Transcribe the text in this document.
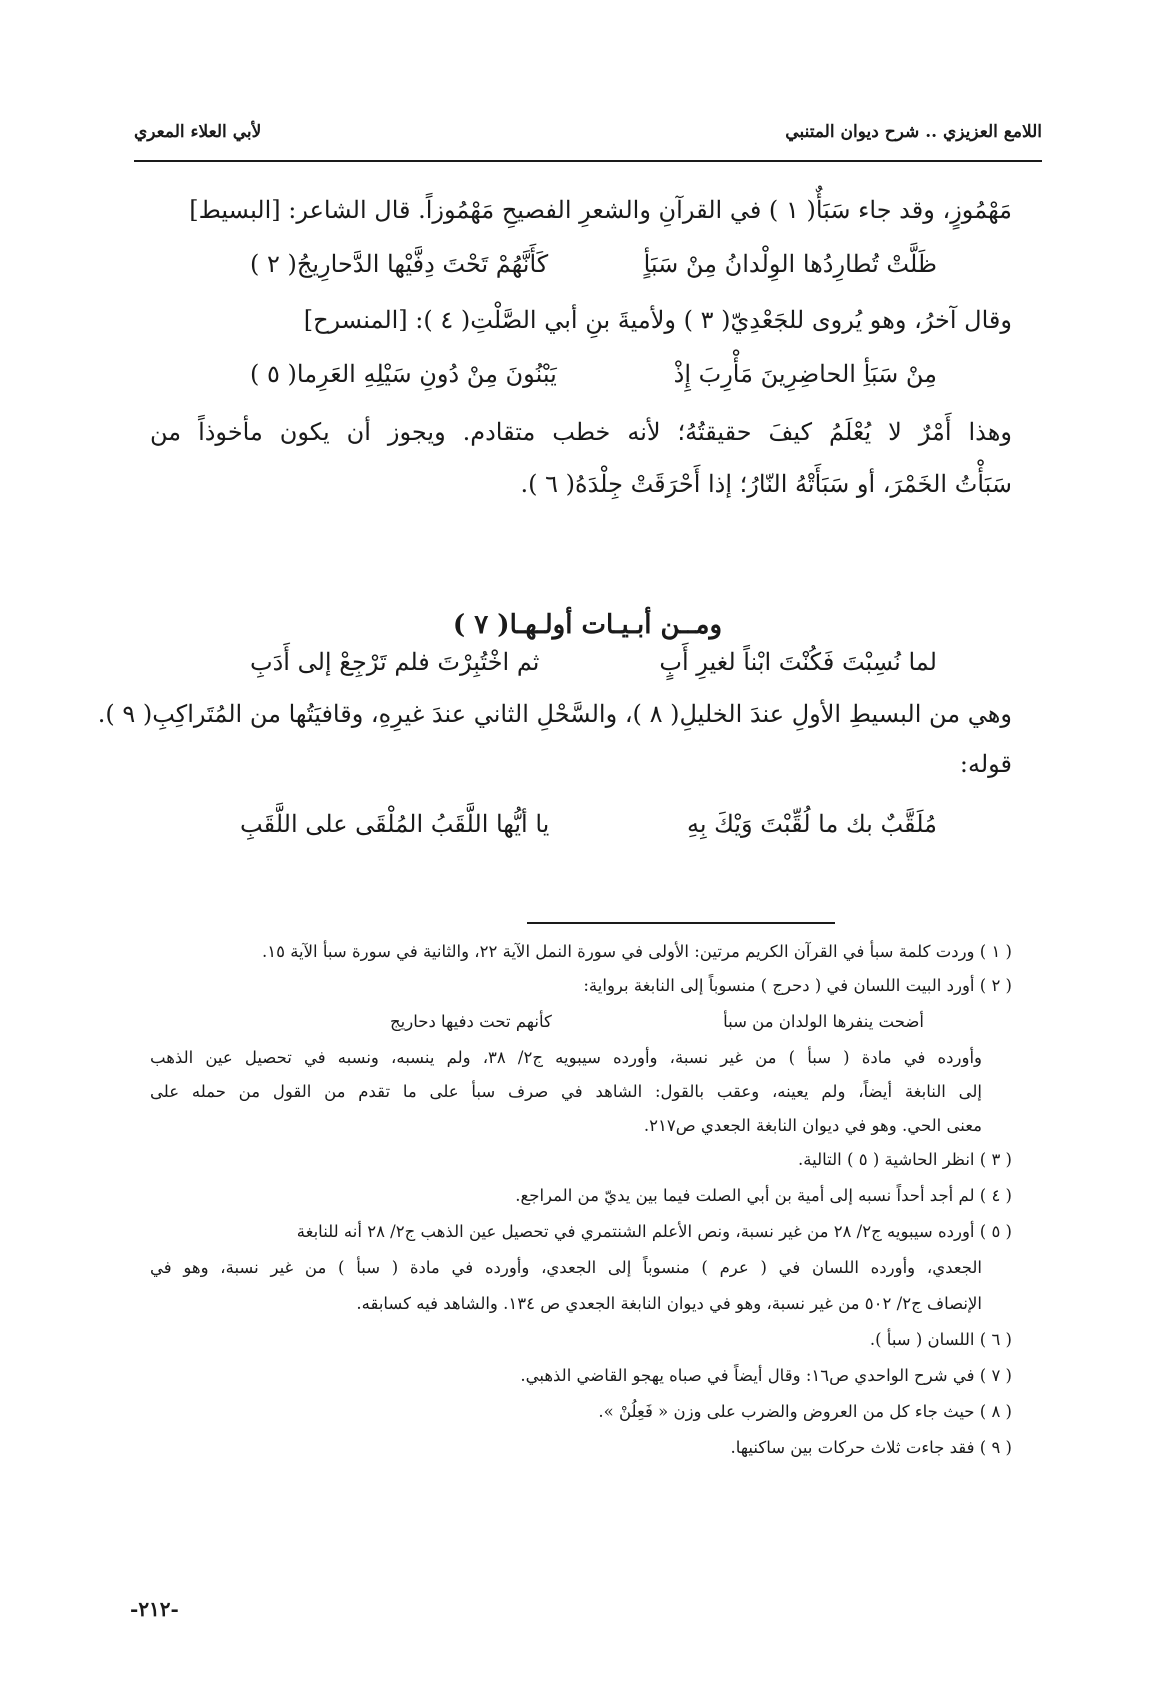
اللامع العزيزي .. شرح ديوان المتنبي
لأبي العلاء المعري
مَهْمُوزٍ، وقد جاء سَبَأٌ( ١ ) في القرآنِ والشعرِ الفصيحِ مَهْمُوزاً. قال الشاعر: [البسيط]
ظَلَّتْ تُطارِدُها الوِلْدانُ مِنْ سَبَأٍ
كَأَنَّهُمْ تَحْتَ دِفَّيْها الدَّحارِيجُ( ٢ )
وقال آخرُ، وهو يُروى للجَعْدِيّ( ٣ ) ولأميةَ بنِ أبي الصَّلْتِ( ٤ ): [المنسرح]
مِنْ سَبَأِ الحاضِرِينَ مَأْرِبَ إِذْ
يَبْنُونَ مِنْ دُونِ سَيْلِهِ العَرِما( ٥ )
وهذا أَمْرٌ لا يُعْلَمُ كيفَ حقيقتُهُ؛ لأنه خطب متقادم. ويجوز أن يكون مأخوذاً من
سَبَأْتُ الخَمْرَ، أو سَبَأَتْهُ النّارُ؛ إذا أَحْرَقَتْ جِلْدَهُ( ٦ ).
ومــن أبـيـات أولـهـا( ٧ )
لما نُسِبْتَ فَكُنْتَ ابْناً لغيرِ أَبٍ
ثم اخْتُبِرْتَ فلم تَرْجِعْ إلى أَدَبِ
وهي من البسيطِ الأولِ عندَ الخليلِ( ٨ )، والسَّحْلِ الثاني عندَ غيرِهِ، وقافيَتُها من المُتَراكِبِ( ٩ ).
قوله:
مُلَقَّبٌ بك ما لُقِّبْتَ وَيْكَ بِهِ
يا أيُّها اللَّقَبُ المُلْقَى على اللَّقَبِ
( ١ ) وردت كلمة سبأ في القرآن الكريم مرتين: الأولى في سورة النمل الآية ٢٢، والثانية في سورة سبأ الآية ١٥.
( ٢ ) أورد البيت اللسان في ( دحرج ) منسوباً إلى النابغة برواية:
أضحت ينفرها الولدان من سبأ
كأنهم تحت دفيها دحاريج
وأورده في مادة ( سبأ ) من غير نسبة، وأورده سيبويه ج٢/ ٣٨، ولم ينسبه، ونسبه في تحصيل عين الذهب
إلى النابغة أيضاً، ولم يعينه، وعقب بالقول: الشاهد في صرف سبأ على ما تقدم من القول من حمله على
معنى الحي. وهو في ديوان النابغة الجعدي ص٢١٧.
( ٣ ) انظر الحاشية ( ٥ ) التالية.
( ٤ ) لم أجد أحداً نسبه إلى أمية بن أبي الصلت فيما بين يديّ من المراجع.
( ٥ ) أورده سيبويه ج٢/ ٢٨ من غير نسبة، ونص الأعلم الشنتمري في تحصيل عين الذهب ج٢/ ٢٨ أنه للنابغة
الجعدي، وأورده اللسان في ( عرم ) منسوباً إلى الجعدي، وأورده في مادة ( سبأ ) من غير نسبة، وهو في
الإنصاف ج٢/ ٥٠٢ من غير نسبة، وهو في ديوان النابغة الجعدي ص ١٣٤. والشاهد فيه كسابقه.
( ٦ ) اللسان ( سبأ ).
( ٧ ) في شرح الواحدي ص١٦: وقال أيضاً في صباه يهجو القاضي الذهبي.
( ٨ ) حيث جاء كل من العروض والضرب على وزن « فَعِلُنْ ».
( ٩ ) فقد جاءت ثلاث حركات بين ساكنيها.
-٢١٢-
